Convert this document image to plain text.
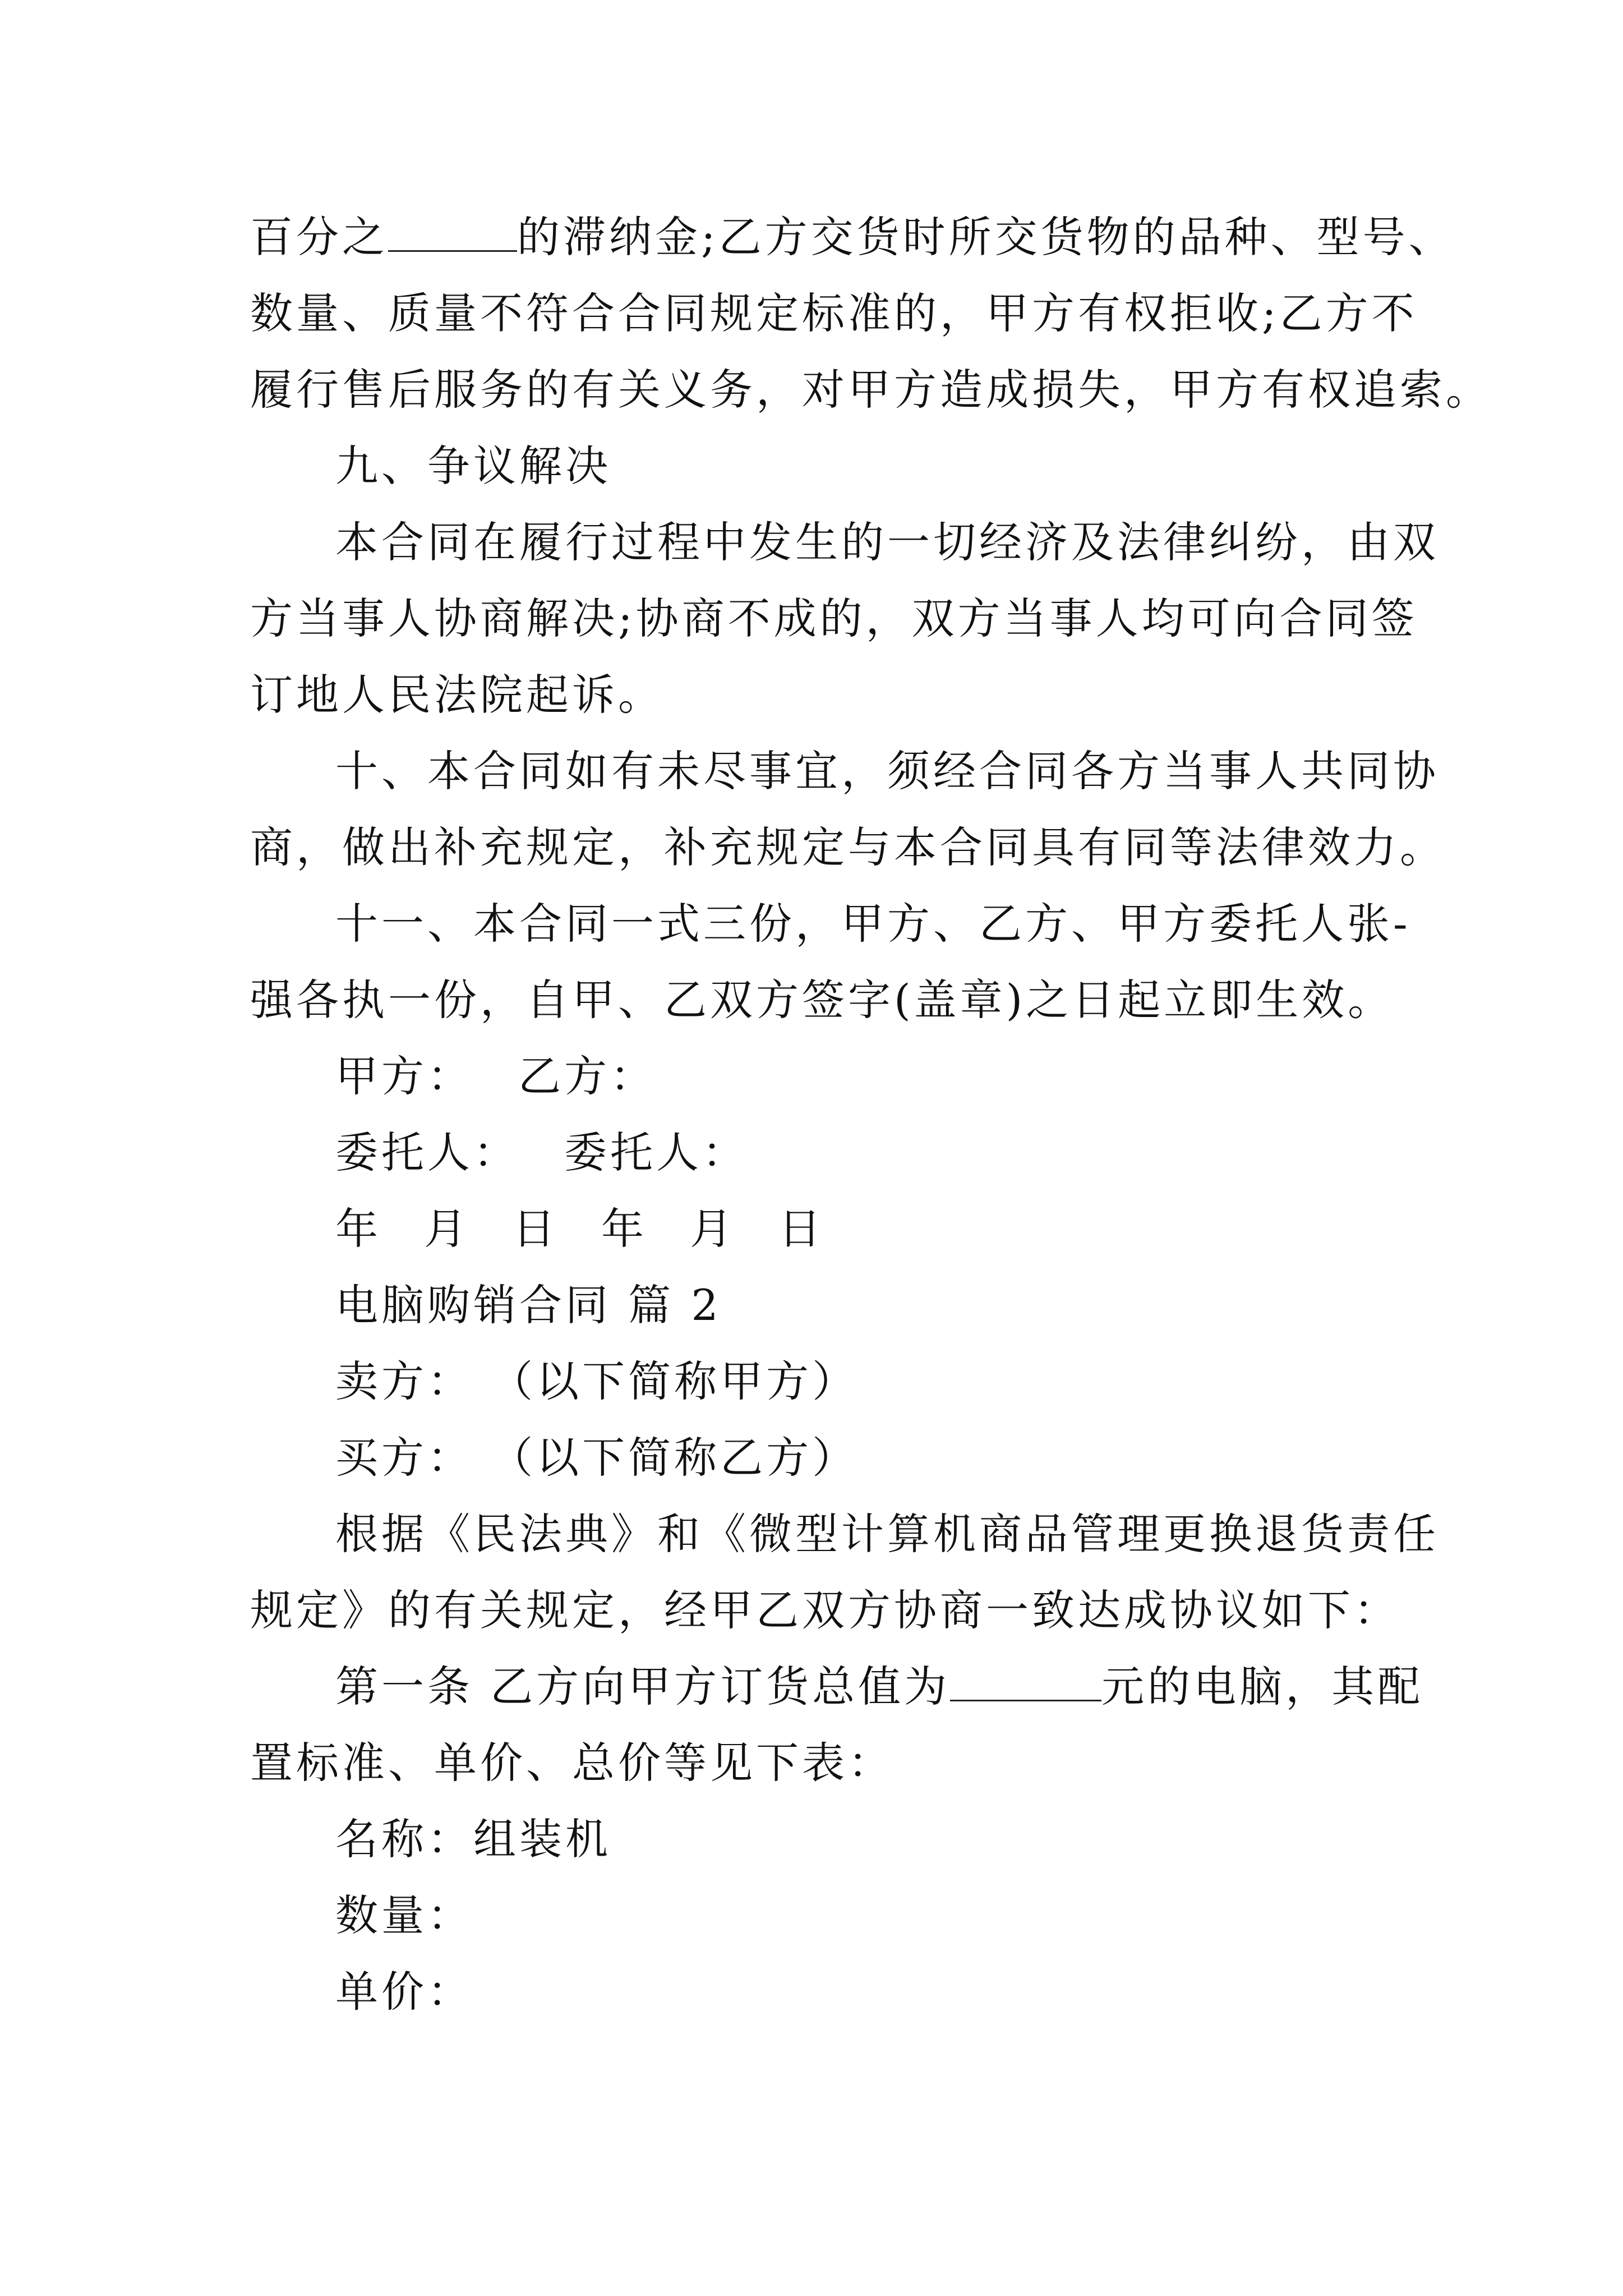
百分之	的滞纳金;乙方交货时所交货物的品种、型号、
数量、质量不符合合同规定标准的，甲方有权拒收;乙方不
履行售后服务的有关义务，对甲方造成损失，甲方有权追索。
九、争议解决
本合同在履行过程中发生的一切经济及法律纠纷，由双
方当事人协商解决;协商不成的，双方当事人均可向合同签
订地人民法院起诉。
十、本合同如有未尽事宜，须经合同各方当事人共同协
商，做出补充规定，补充规定与本合同具有同等法律效力。
十一、本合同一式三份，甲方、乙方、甲方委托人张-
强各执一份，自甲、乙双方签字(盖章)之日起立即生效。
甲方： 乙方：
委托人： 委托人：
年 月 日 年 月 日
电脑购销合同 篇 2
卖方： （以下简称甲方）
买方： （以下简称乙方）
根据《民法典》和《微型计算机商品管理更换退货责任
规定》的有关规定，经甲乙双方协商一致达成协议如下：
第一条 乙方向甲方订货总值为	元的电脑，其配
置标准、单价、总价等见下表：
名称：组装机
数量：
单价：
